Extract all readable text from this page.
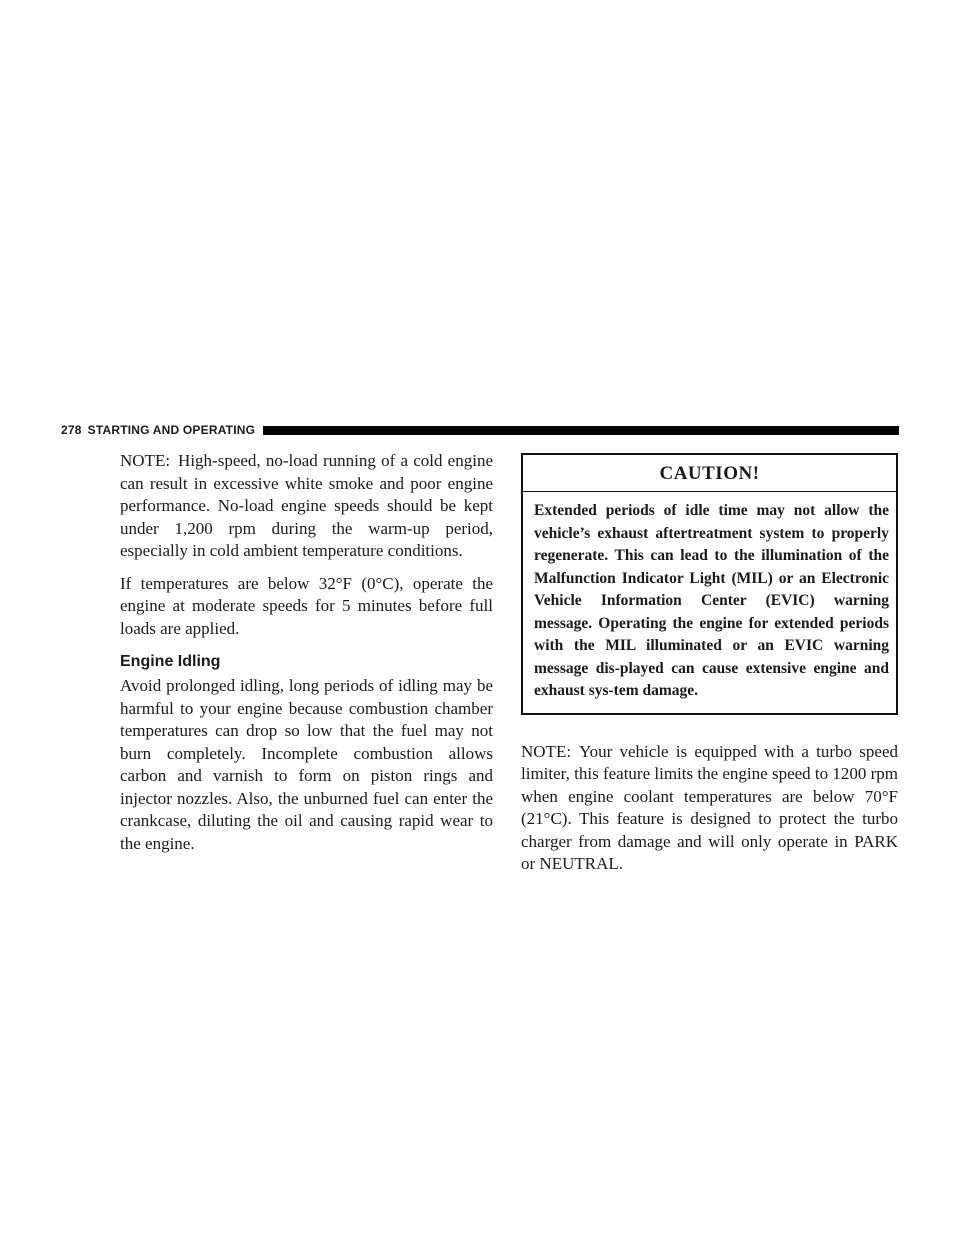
278 STARTING AND OPERATING

NOTE: High-speed, no-load running of a cold engine can result in excessive white smoke and poor engine performance. No-load engine speeds should be kept under 1,200 rpm during the warm-up period, especially in cold ambient temperature conditions.

If temperatures are below 32°F (0°C), operate the engine at moderate speeds for 5 minutes before full loads are applied.

Engine Idling

Avoid prolonged idling, long periods of idling may be harmful to your engine because combustion chamber temperatures can drop so low that the fuel may not burn completely. Incomplete combustion allows carbon and varnish to form on piston rings and injector nozzles. Also, the unburned fuel can enter the crankcase, diluting the oil and causing rapid wear to the engine.

CAUTION!
Extended periods of idle time may not allow the vehicle’s exhaust aftertreatment system to properly regenerate. This can lead to the illumination of the Malfunction Indicator Light (MIL) or an Electronic Vehicle Information Center (EVIC) warning message. Operating the engine for extended periods with the MIL illuminated or an EVIC warning message dis-played can cause extensive engine and exhaust sys-tem damage.

NOTE: Your vehicle is equipped with a turbo speed limiter, this feature limits the engine speed to 1200 rpm when engine coolant temperatures are below 70°F (21°C). This feature is designed to protect the turbo charger from damage and will only operate in PARK or NEUTRAL.
